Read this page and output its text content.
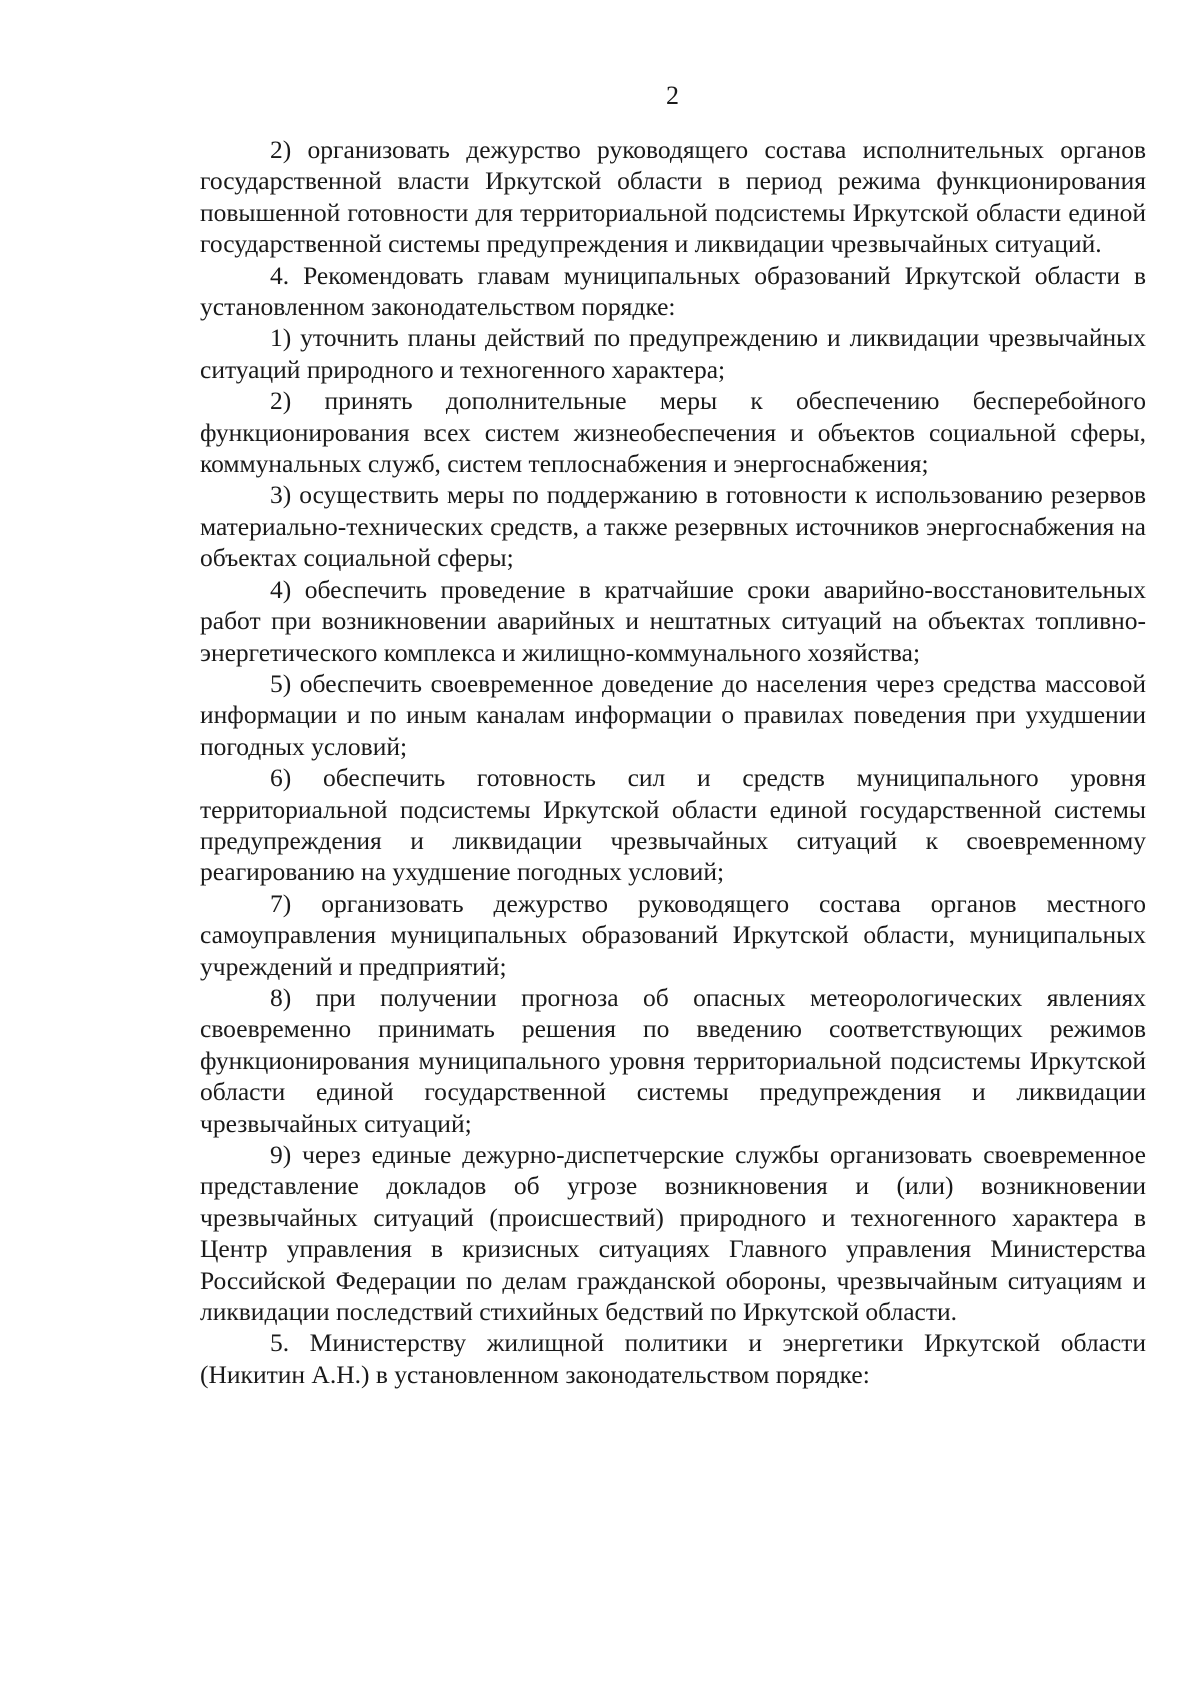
2

2) организовать дежурство руководящего состава исполнительных органов государственной власти Иркутской области в период режима функционирования повышенной готовности для территориальной подсистемы Иркутской области единой государственной системы предупреждения и ликвидации чрезвычайных ситуаций.

4. Рекомендовать главам муниципальных образований Иркутской области в установленном законодательством порядке:

1) уточнить планы действий по предупреждению и ликвидации чрезвычайных ситуаций природного и техногенного характера;

2) принять дополнительные меры к обеспечению бесперебойного функционирования всех систем жизнеобеспечения и объектов социальной сферы, коммунальных служб, систем теплоснабжения и энергоснабжения;

3) осуществить меры по поддержанию в готовности к использованию резервов материально-технических средств, а также резервных источников энергоснабжения на объектах социальной сферы;

4) обеспечить проведение в кратчайшие сроки аварийно-восстановительных работ при возникновении аварийных и нештатных ситуаций на объектах топливно-энергетического комплекса и жилищно-коммунального хозяйства;

5) обеспечить своевременное доведение до населения через средства массовой информации и по иным каналам информации о правилах поведения при ухудшении погодных условий;

6) обеспечить готовность сил и средств муниципального уровня территориальной подсистемы Иркутской области единой государственной системы предупреждения и ликвидации чрезвычайных ситуаций к своевременному реагированию на ухудшение погодных условий;

7) организовать дежурство руководящего состава органов местного самоуправления муниципальных образований Иркутской области, муниципальных учреждений и предприятий;

8) при получении прогноза об опасных метеорологических явлениях своевременно принимать решения по введению соответствующих режимов функционирования муниципального уровня территориальной подсистемы Иркутской области единой государственной системы предупреждения и ликвидации чрезвычайных ситуаций;

9) через единые дежурно-диспетчерские службы организовать своевременное представление докладов об угрозе возникновения и (или) возникновении чрезвычайных ситуаций (происшествий) природного и техногенного характера в Центр управления в кризисных ситуациях Главного управления Министерства Российской Федерации по делам гражданской обороны, чрезвычайным ситуациям и ликвидации последствий стихийных бедствий по Иркутской области.

5. Министерству жилищной политики и энергетики Иркутской области (Никитин А.Н.) в установленном законодательством порядке:
